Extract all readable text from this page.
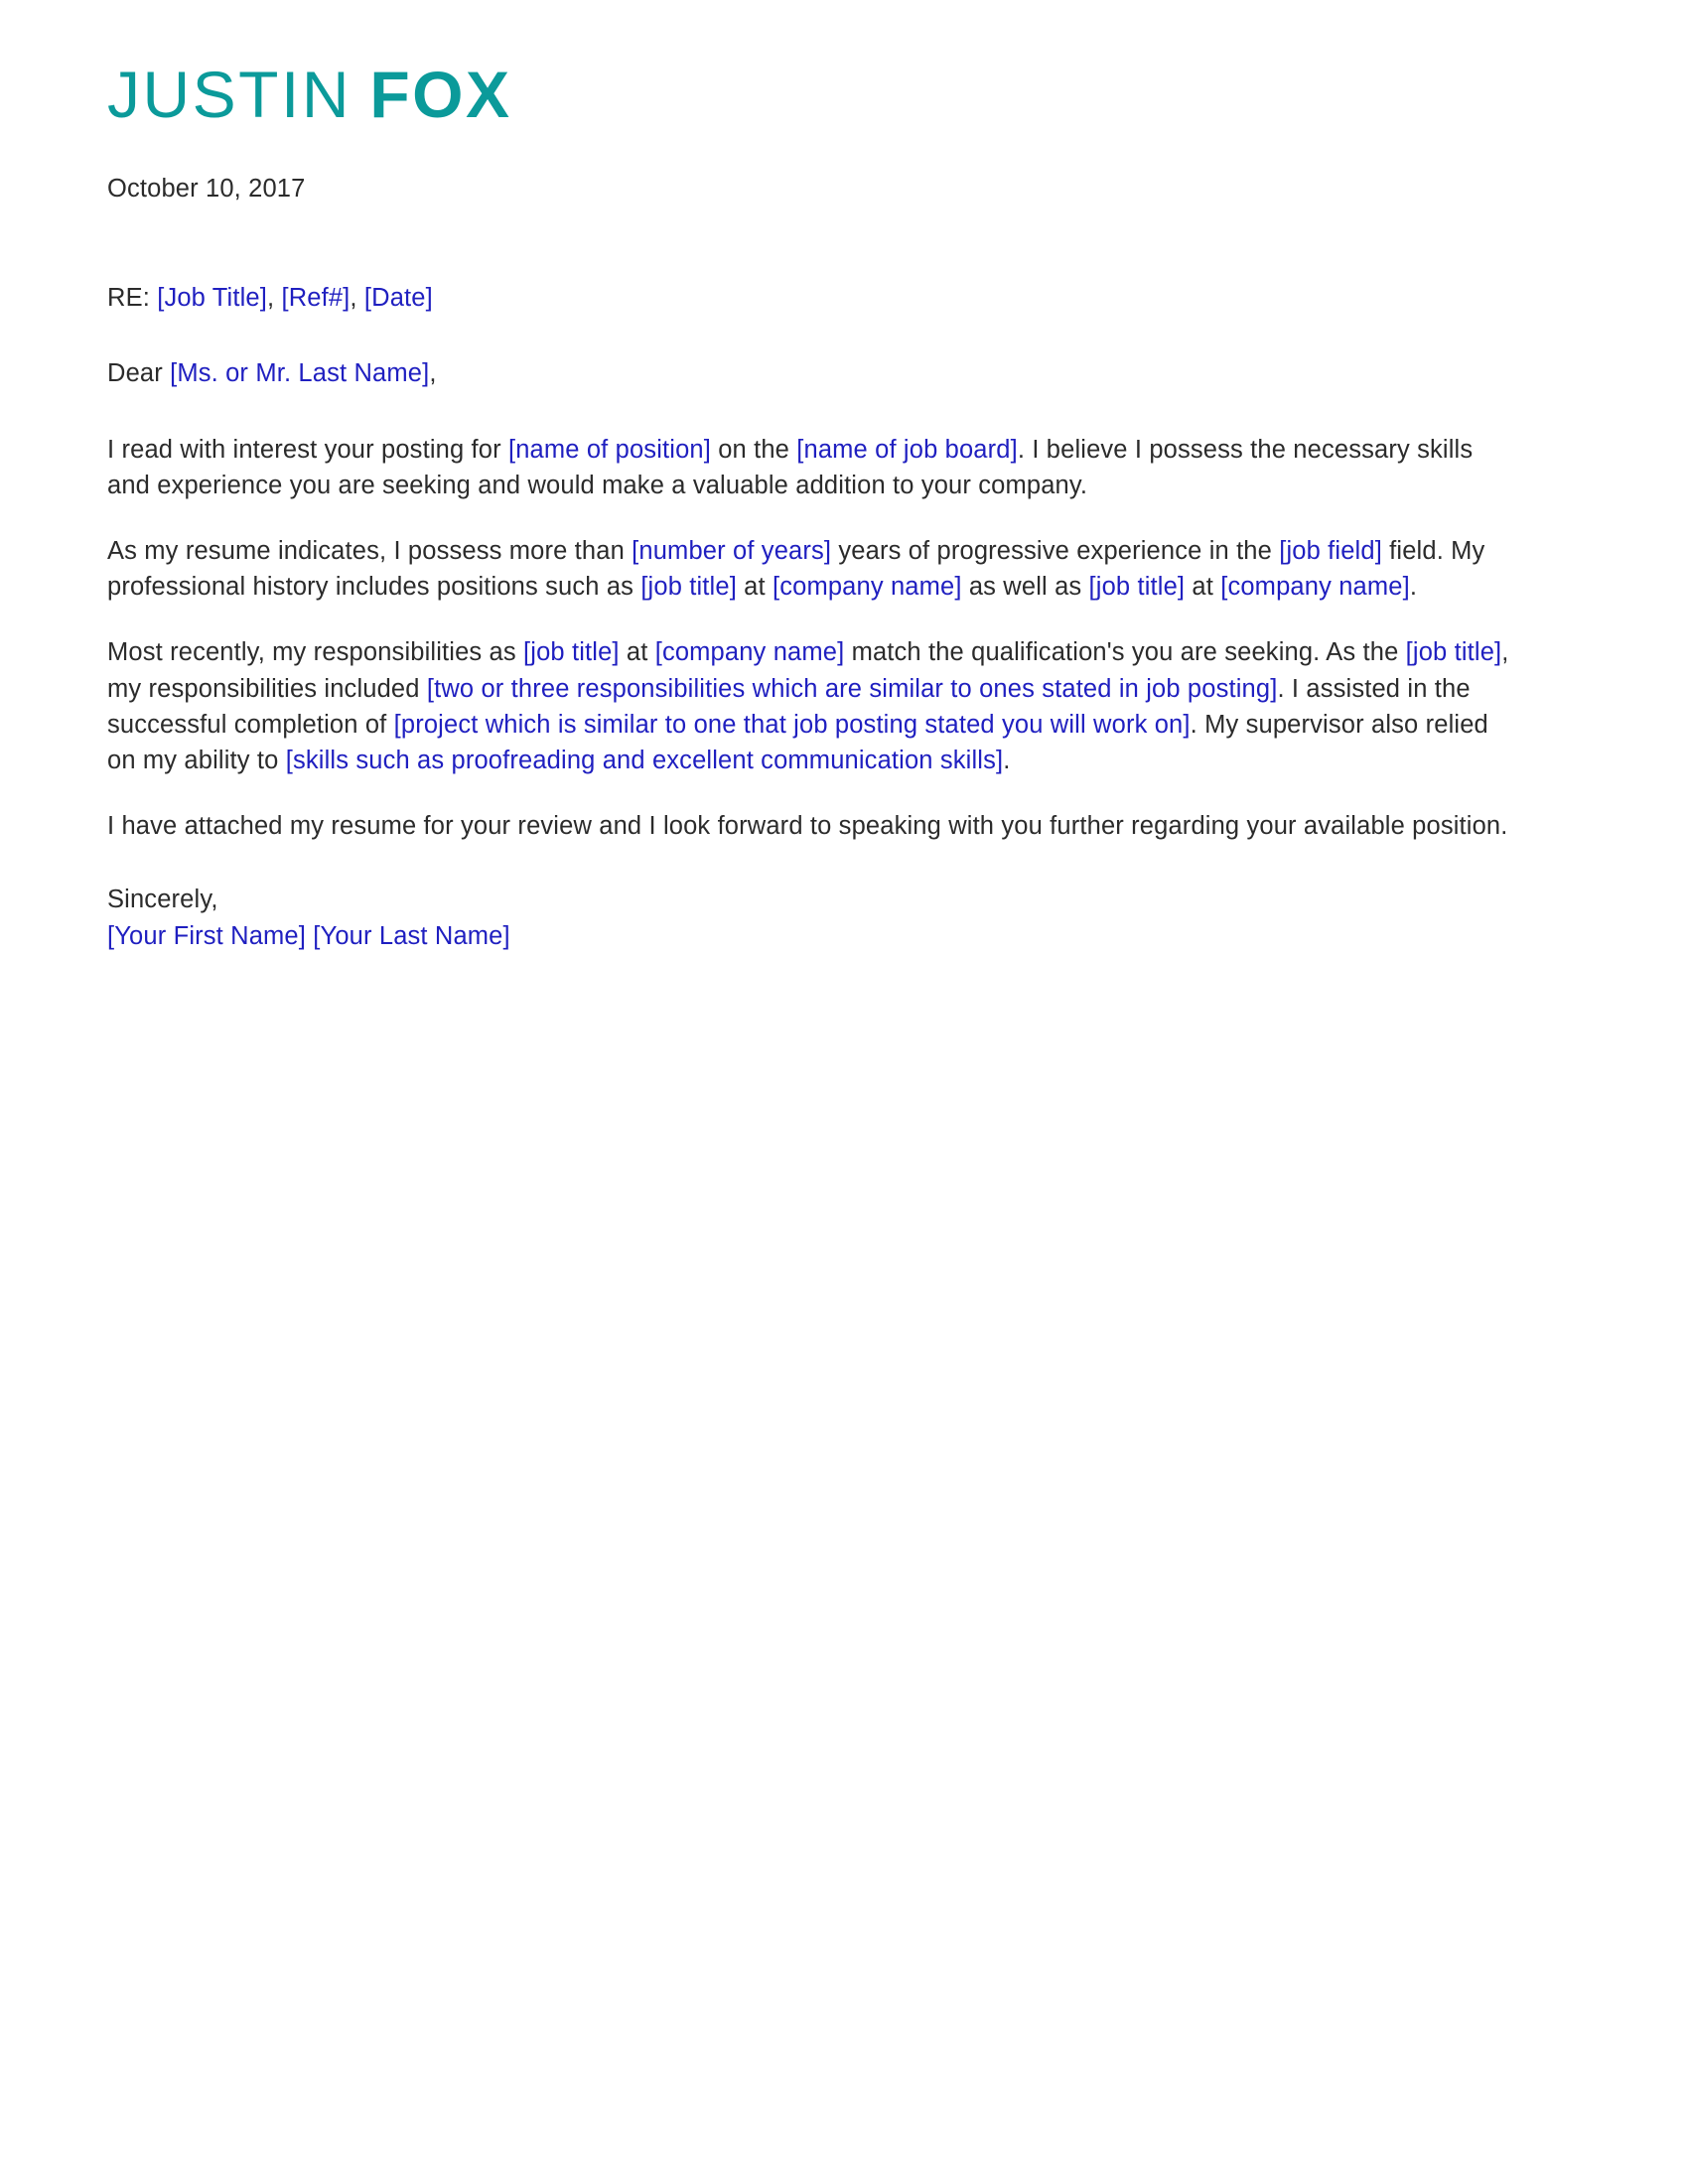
JUSTIN FOX
October 10, 2017

RE: [Job Title], [Ref#], [Date]

Dear [Ms. or Mr. Last Name],

I read with interest your posting for [name of position] on the [name of job board]. I believe I possess the necessary skills and experience you are seeking and would make a valuable addition to your company.

As my resume indicates, I possess more than [number of years] years of progressive experience in the [job field] field. My professional history includes positions such as [job title] at [company name] as well as [job title] at [company name].

Most recently, my responsibilities as [job title] at [company name] match the qualification's you are seeking. As the [job title], my responsibilities included [two or three responsibilities which are similar to ones stated in job posting]. I assisted in the successful completion of [project which is similar to one that job posting stated you will work on]. My supervisor also relied on my ability to [skills such as proofreading and excellent communication skills].

I have attached my resume for your review and I look forward to speaking with you further regarding your available position.

Sincerely,

[Your First Name] [Your Last Name]
